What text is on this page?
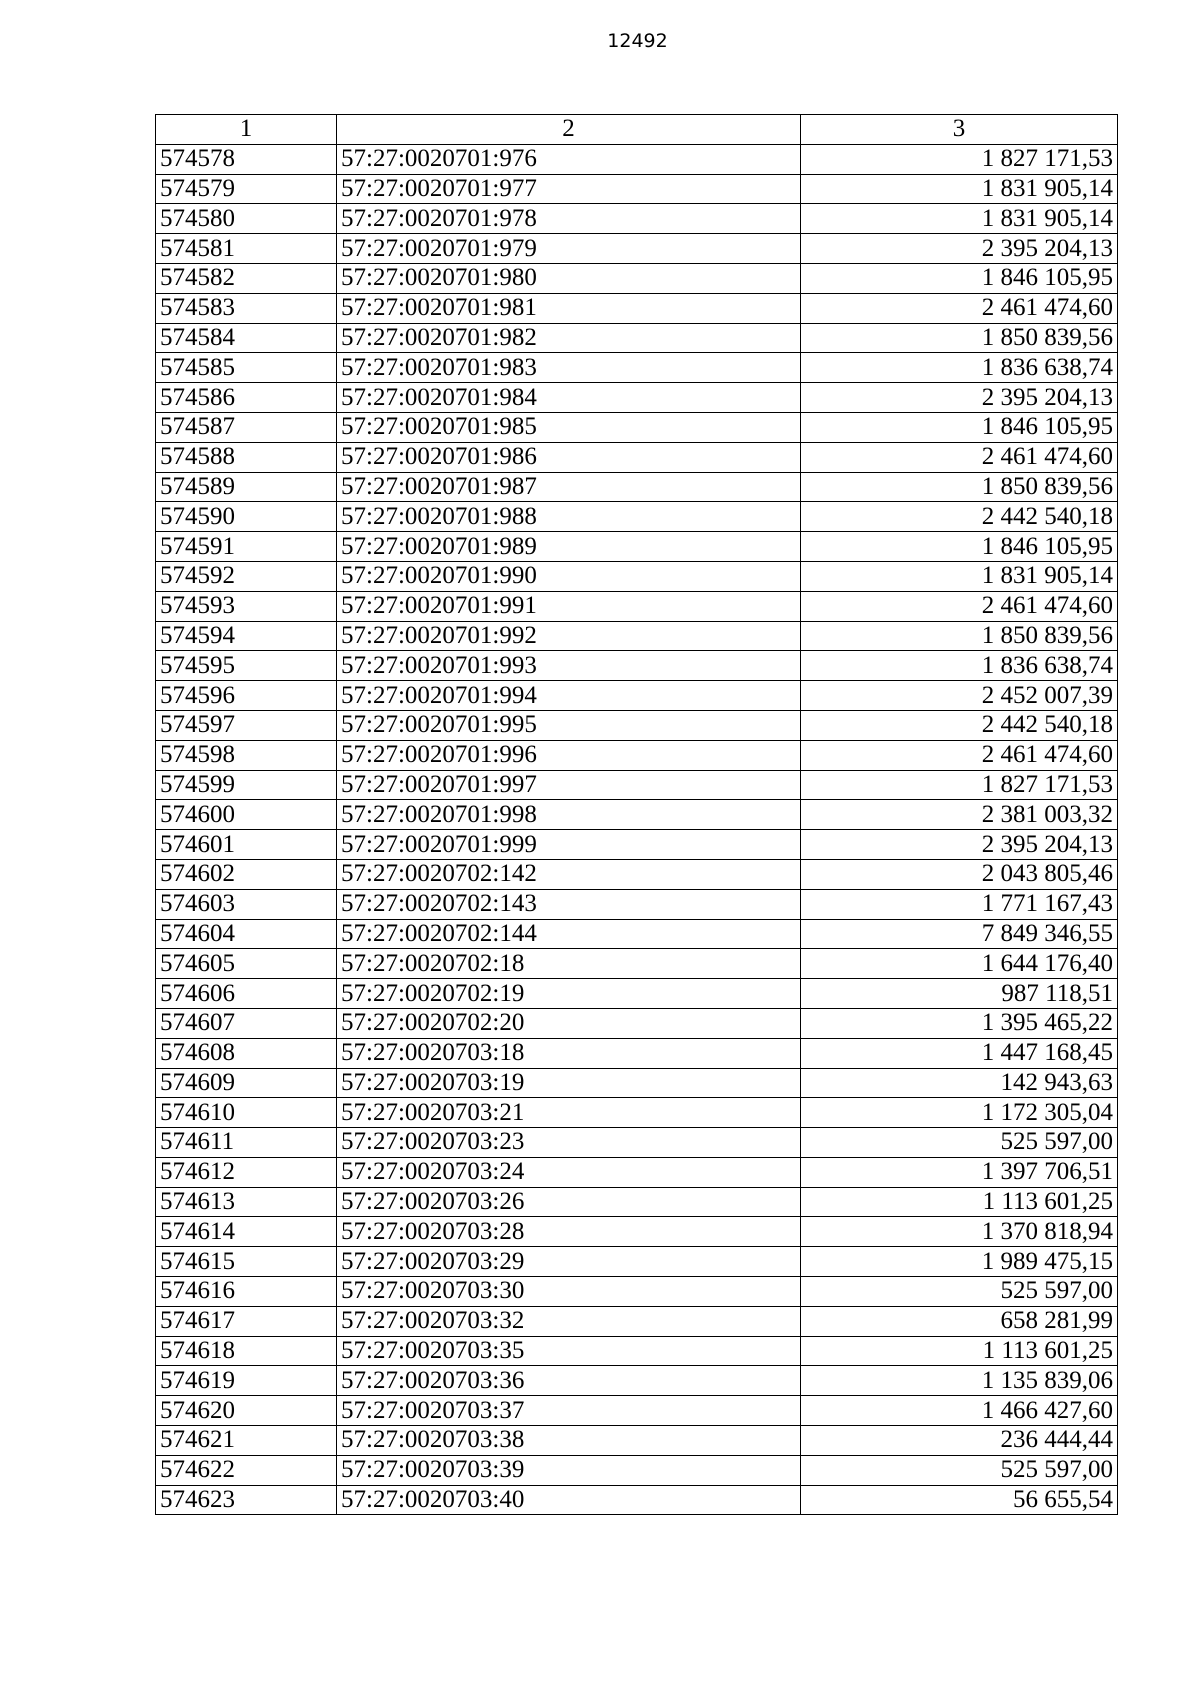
12492
1	2	3
574578	57:27:0020701:976	1 827 171,53
574579	57:27:0020701:977	1 831 905,14
574580	57:27:0020701:978	1 831 905,14
574581	57:27:0020701:979	2 395 204,13
574582	57:27:0020701:980	1 846 105,95
574583	57:27:0020701:981	2 461 474,60
574584	57:27:0020701:982	1 850 839,56
574585	57:27:0020701:983	1 836 638,74
574586	57:27:0020701:984	2 395 204,13
574587	57:27:0020701:985	1 846 105,95
574588	57:27:0020701:986	2 461 474,60
574589	57:27:0020701:987	1 850 839,56
574590	57:27:0020701:988	2 442 540,18
574591	57:27:0020701:989	1 846 105,95
574592	57:27:0020701:990	1 831 905,14
574593	57:27:0020701:991	2 461 474,60
574594	57:27:0020701:992	1 850 839,56
574595	57:27:0020701:993	1 836 638,74
574596	57:27:0020701:994	2 452 007,39
574597	57:27:0020701:995	2 442 540,18
574598	57:27:0020701:996	2 461 474,60
574599	57:27:0020701:997	1 827 171,53
574600	57:27:0020701:998	2 381 003,32
574601	57:27:0020701:999	2 395 204,13
574602	57:27:0020702:142	2 043 805,46
574603	57:27:0020702:143	1 771 167,43
574604	57:27:0020702:144	7 849 346,55
574605	57:27:0020702:18	1 644 176,40
574606	57:27:0020702:19	987 118,51
574607	57:27:0020702:20	1 395 465,22
574608	57:27:0020703:18	1 447 168,45
574609	57:27:0020703:19	142 943,63
574610	57:27:0020703:21	1 172 305,04
574611	57:27:0020703:23	525 597,00
574612	57:27:0020703:24	1 397 706,51
574613	57:27:0020703:26	1 113 601,25
574614	57:27:0020703:28	1 370 818,94
574615	57:27:0020703:29	1 989 475,15
574616	57:27:0020703:30	525 597,00
574617	57:27:0020703:32	658 281,99
574618	57:27:0020703:35	1 113 601,25
574619	57:27:0020703:36	1 135 839,06
574620	57:27:0020703:37	1 466 427,60
574621	57:27:0020703:38	236 444,44
574622	57:27:0020703:39	525 597,00
574623	57:27:0020703:40	56 655,54
